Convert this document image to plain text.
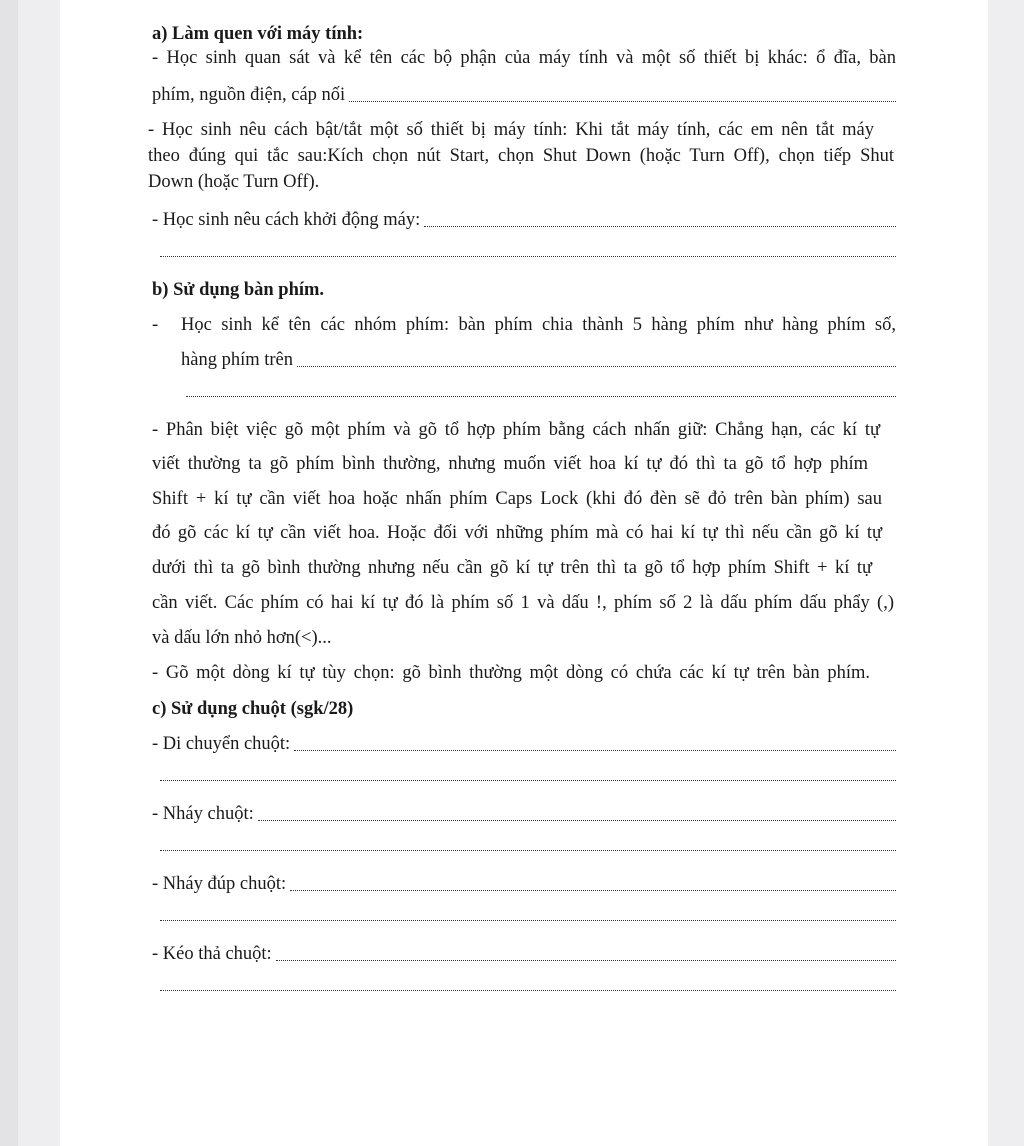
a) Làm quen với máy tính:
- Học sinh quan sát và kể tên các bộ phận của máy tính và một số thiết bị khác: ổ đĩa, bàn
phím, nguồn điện, cáp nối
- Học sinh nêu cách bật/tắt một số thiết bị máy tính: Khi tắt máy tính, các em nên tắt máy
theo đúng qui tắc sau:Kích chọn nút Start, chọn Shut Down (hoặc Turn Off), chọn tiếp Shut
Down (hoặc Turn Off).
- Học sinh nêu cách khởi động máy:
b) Sử dụng bàn phím.
- Học sinh kể tên các nhóm phím: bàn phím chia thành 5 hàng phím như hàng phím số,
hàng phím trên
- Phân biệt việc gõ một phím và gõ tổ hợp phím bằng cách nhấn giữ: Chẳng hạn, các kí tự
viết thường ta gõ phím bình thường, nhưng muốn viết hoa kí tự đó thì ta gõ tổ hợp phím
Shift + kí tự cần viết hoa hoặc nhấn phím Caps Lock (khi đó đèn sẽ đỏ trên bàn phím) sau
đó gõ các kí tự cần viết hoa. Hoặc đối với những phím mà có hai kí tự thì nếu cần gõ kí tự
dưới thì ta gõ bình thường nhưng nếu cần gõ kí tự trên thì ta gõ tổ hợp phím Shift + kí tự
cần viết. Các phím có hai kí tự đó là phím số 1 và dấu !, phím số 2 là dấu phím dấu phẩy (,)
và dấu lớn nhỏ hơn(<)...
- Gõ một dòng kí tự tùy chọn: gõ bình thường một dòng có chứa các kí tự trên bàn phím.
c) Sử dụng chuột (sgk/28)
- Di chuyển chuột:
- Nháy chuột:
- Nháy đúp chuột:
- Kéo thả chuột:
